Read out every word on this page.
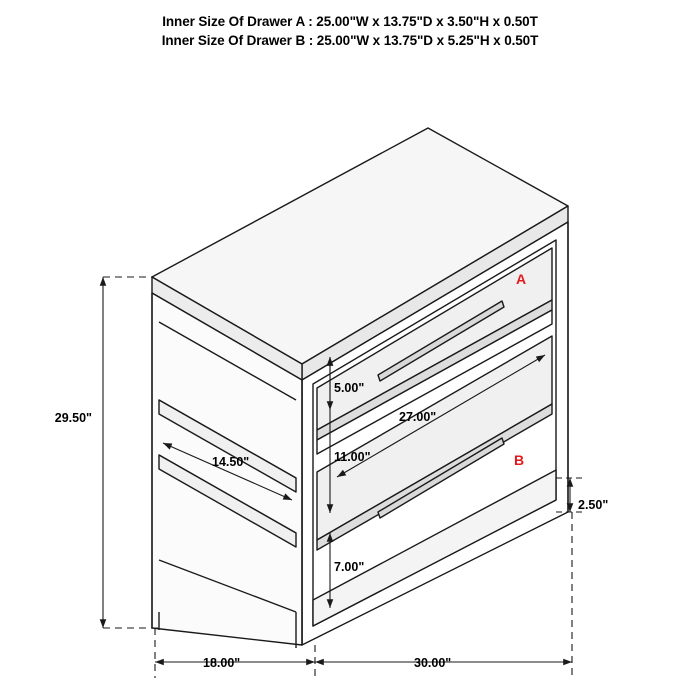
Inner Size Of Drawer A : 25.00"W x 13.75"D x 3.50"H x 0.50T
Inner Size Of Drawer B : 25.00"W x 13.75"D x 5.25"H x 0.50T
A
B
29.50"
14.50"
27.00"
5.00"
11.00"
7.00"
2.50"
18.00"	30.00"
